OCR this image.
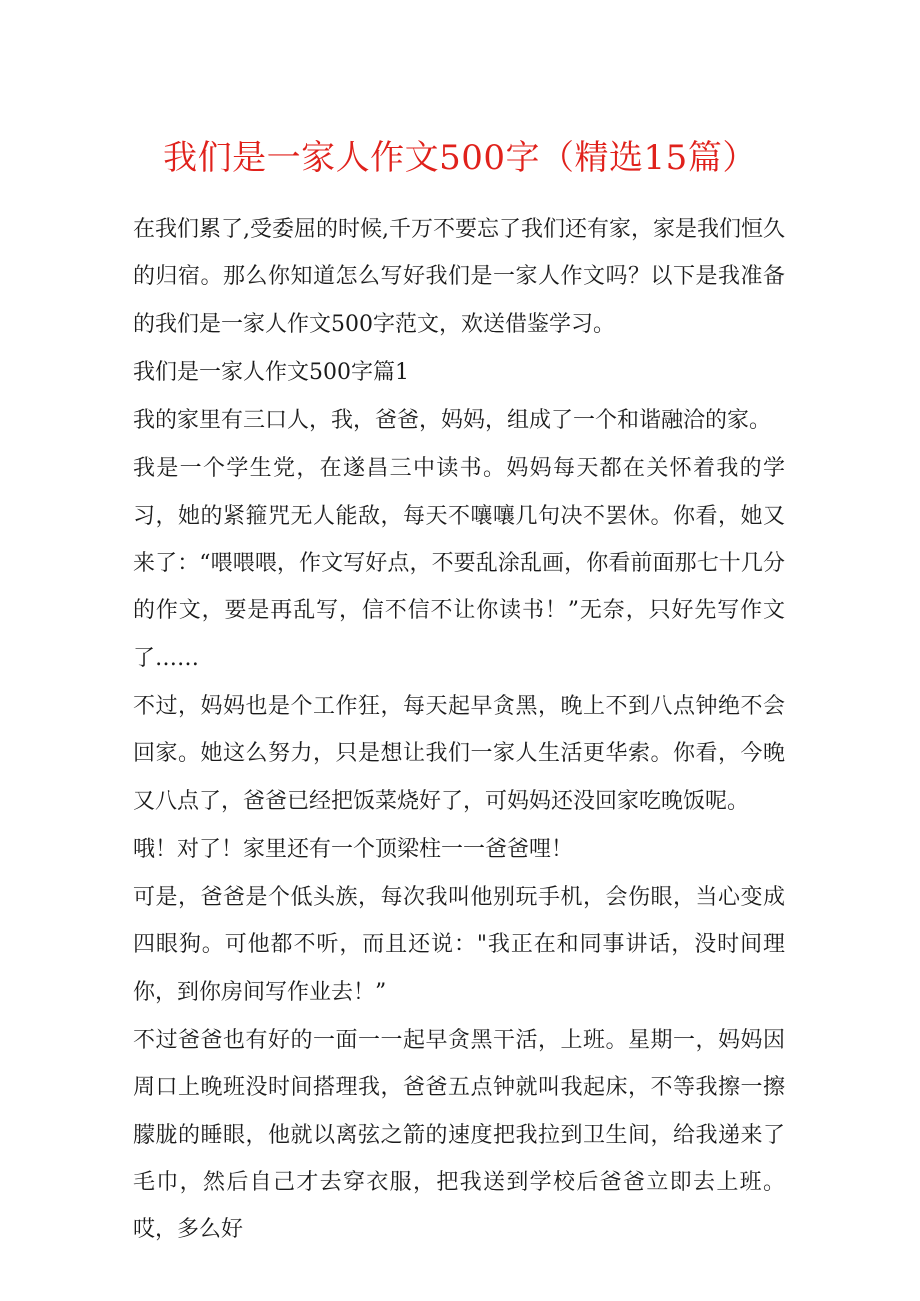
我们是一家人作文500字（精选15篇）

在我们累了,受委屈的时候,千万不要忘了我们还有家，家是我们恒久的归宿。那么你知道怎么写好我们是一家人作文吗？以下是我准备的我们是一家人作文500字范文，欢送借鉴学习。

我们是一家人作文500字篇1

我的家里有三口人，我，爸爸，妈妈，组成了一个和谐融洽的家。

我是一个学生党，在遂昌三中读书。妈妈每天都在关怀着我的学习，她的紧箍咒无人能敌，每天不嚷嚷几句决不罢休。你看，她又来了：“喂喂喂，作文写好点，不要乱涂乱画，你看前面那七十几分的作文，要是再乱写，信不信不让你读书！”无奈，只好先写作文了……

不过，妈妈也是个工作狂，每天起早贪黑，晚上不到八点钟绝不会回家。她这么努力，只是想让我们一家人生活更华索。你看，今晚又八点了，爸爸已经把饭菜烧好了，可妈妈还没回家吃晚饭呢。

哦！对了！家里还有一个顶梁柱一一爸爸哩！

可是，爸爸是个低头族，每次我叫他别玩手机，会伤眼，当心变成四眼狗。可他都不听，而且还说："我正在和同事讲话，没时间理你，到你房间写作业去！”

不过爸爸也有好的一面一一起早贪黑干活，上班。星期一，妈妈因周口上晚班没时间搭理我，爸爸五点钟就叫我起床，不等我擦一擦朦胧的睡眼，他就以离弦之箭的速度把我拉到卫生间，给我递来了毛巾，然后自己才去穿衣服，把我送到学校后爸爸立即去上班。哎，多么好
